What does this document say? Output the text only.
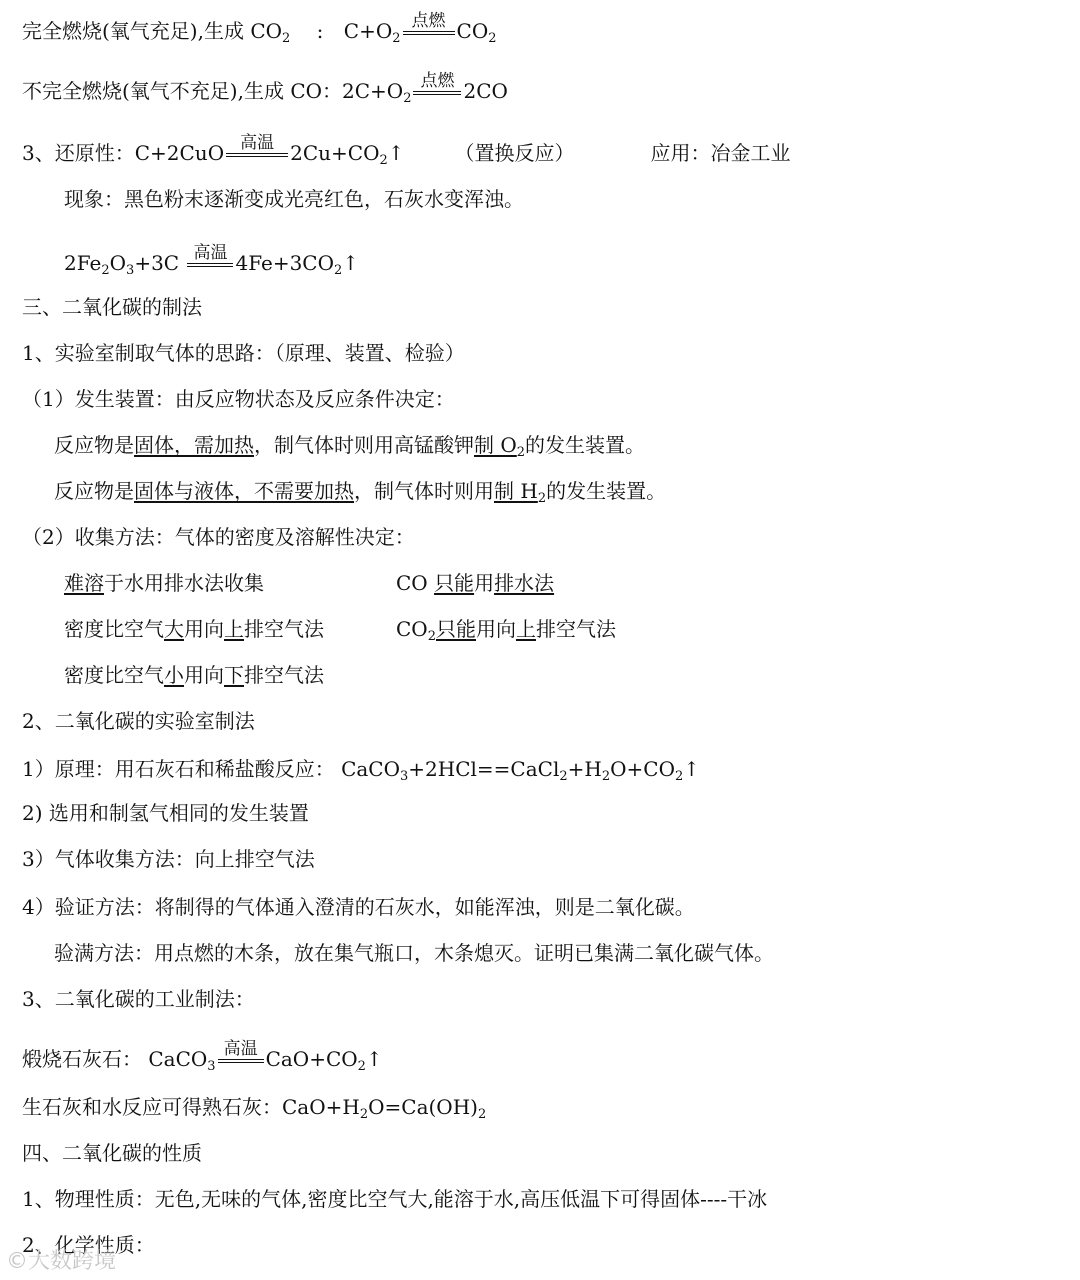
完全燃烧(氧气充足),生成 $CO_2$ : $C+O_2$
点燃 $CO_2$
不完全燃烧(氧气不充足),生成 CO：$2C+O_2$
点燃 2CO
3、还原性：C+2CuO 高温 $2Cu+CO_2↑$	（置换反应）	应用：冶金工业
现象：黑色粉末逐渐变成光亮红色，石灰水变浑浊。
$2Fe_2O_3+3C$ 高温 $4Fe+3CO_2↑$
三、二氧化碳的制法
1、实验室制取气体的思路：（原理、装置、检验）
（1）发生装置：由反应物状态及反应条件决定：
反应物是固体，需加热，制气体时则用高锰酸钾制 $O_2$的发生装置。
反应物是固体与液体，不需要加热，制气体时则用制 $H_2$的发生装置。
（2）收集方法：气体的密度及溶解性决定：
难溶于水用排水法收集	CO 只能用排水法
密度比空气大用向上排空气法	$CO_2$只能用向上排空气法
密度比空气小用向下排空气法
2、二氧化碳的实验室制法
1）原理：用石灰石和稀盐酸反应： $CaCO_3+2HCl==CaCl_2+H_2O+CO_2↑$
2) 选用和制氢气相同的发生装置
3）气体收集方法：向上排空气法
4）验证方法：将制得的气体通入澄清的石灰水，如能浑浊，则是二氧化碳。
验满方法：用点燃的木条，放在集气瓶口，木条熄灭。证明已集满二氧化碳气体。
3、二氧化碳的工业制法：
煅烧石灰石： CaCO$_3$
高温 $CaO+CO_2↑$
生石灰和水反应可得熟石灰：$CaO+H_2O=Ca(OH)_2$
四、二氧化碳的性质
1、物理性质：无色,无味的气体,密度比空气大,能溶于水,高压低温下可得固体----干冰
2、化学性质：
©大数跨境
